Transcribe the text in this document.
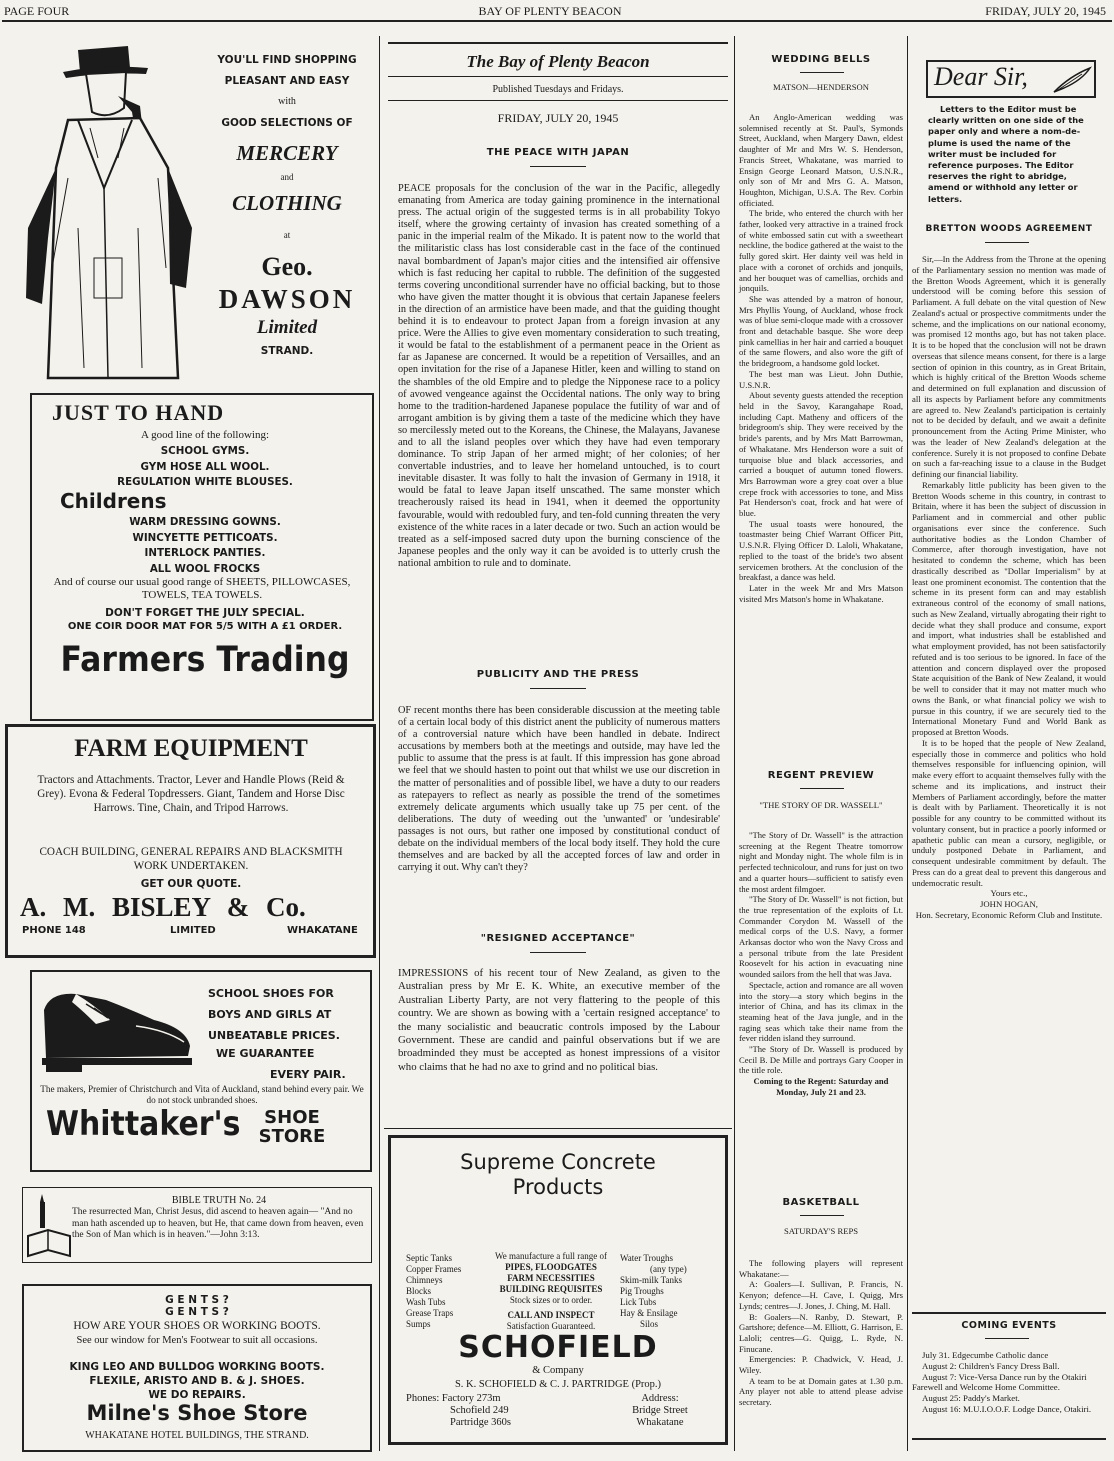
PAGE FOUR	BAY OF PLENTY BEACON	FRIDAY, JULY 20, 1945
YOU'LL FIND SHOPPING
PLEASANT AND EASY
with
GOOD SELECTIONS OF
MERCERY
and
CLOTHING
at
Geo.
DAWSON
Limited
STRAND.
JUST TO HAND
A good line of the following:
SCHOOL GYMS.
GYM HOSE ALL WOOL.
REGULATION WHITE BLOUSES.
Childrens
WARM DRESSING GOWNS.
WINCYETTE PETTICOATS.
INTERLOCK PANTIES.
ALL WOOL FROCKS
And of course our usual good range of SHEETS, PILLOWCASES, TOWELS, TEA TOWELS.
DON'T FORGET THE JULY SPECIAL.
ONE COIR DOOR MAT FOR 5/5 WITH A £1 ORDER.
Farmers Trading
FARM EQUIPMENT
Tractors and Attachments. Tractor, Lever and Handle Plows (Reid & Grey). Evona & Federal Topdressers. Giant, Tandem and Horse Disc Harrows. Tine, Chain, and Tripod Harrows.
COACH BUILDING, GENERAL REPAIRS AND BLACKSMITH WORK UNDERTAKEN.
GET OUR QUOTE.
A. M. BISLEY & Co.
PHONE 148	LIMITED	WHAKATANE
SCHOOL SHOES FOR
BOYS AND GIRLS AT
UNBEATABLE PRICES.
WE GUARANTEE
EVERY PAIR.
The makers, Premier of Christchurch and Vita of Auckland, stand behind every pair. We do not stock unbranded shoes.
Whittaker's	SHOE
STORE
BIBLE TRUTH No. 24
The resurrected Man, Christ Jesus, did ascend to heaven again— "And no man hath ascended up to heaven, but He, that came down from heaven, even the Son of Man which is in heaven."—John 3:13.
G E N T S ?
G E N T S ?
HOW ARE YOUR SHOES OR WORKING BOOTS.
See our window for Men's Footwear to suit all occasions.
KING LEO AND BULLDOG WORKING BOOTS.
FLEXILE, ARISTO AND B. & J. SHOES.
WE DO REPAIRS.
Milne's Shoe Store
WHAKATANE HOTEL BUILDINGS, THE STRAND.
The Bay of Plenty Beacon
Published Tuesdays and Fridays.
FRIDAY, JULY 20, 1945
THE PEACE WITH JAPAN
PEACE proposals for the conclusion of the war in the Pacific, allegedly emanating from America are today gaining prominence in the international press. The actual origin of the suggested terms is in all probability Tokyo itself, where the growing certainty of invasion has created something of a panic in the imperial realm of the Mikado. It is patent now to the world that the militaristic class has lost considerable cast in the face of the continued naval bombardment of Japan's major cities and the intensified air offensive which is fast reducing her capital to rubble. The definition of the suggested terms covering unconditional surrender have no official backing, but to those who have given the matter thought it is obvious that certain Japanese feelers in the direction of an armistice have been made, and that the guiding thought behind it is to endeavour to protect Japan from a foreign invasion at any price. Were the Allies to give even momentary consideration to such treating, it would be fatal to the establishment of a permanent peace in the Orient as far as Japanese are concerned. It would be a repetition of Versailles, and an open invitation for the rise of a Japanese Hitler, keen and willing to stand on the shambles of the old Empire and to pledge the Nipponese race to a policy of avowed vengeance against the Occidental nations. The only way to bring home to the tradition-hardened Japanese populace the futility of war and of arrogant ambition is by giving them a taste of the medicine which they have so mercilessly meted out to the Koreans, the Chinese, the Malayans, Javanese and to all the island peoples over which they have had even temporary dominance. To strip Japan of her armed might; of her colonies; of her convertable industries, and to leave her homeland untouched, is to court inevitable disaster. It was folly to halt the invasion of Germany in 1918, it would be fatal to leave Japan itself unscathed. The same monster which treacherously raised its head in 1941, when it deemed the opportunity favourable, would with redoubled fury, and ten-fold cunning threaten the very existence of the white races in a later decade or two. Such an action would be treated as a self-imposed sacred duty upon the burning conscience of the Japanese peoples and the only way it can be avoided is to utterly crush the national ambition to rule and to dominate.
PUBLICITY AND THE PRESS
OF recent months there has been considerable discussion at the meeting table of a certain local body of this district anent the publicity of numerous matters of a controversial nature which have been handled in debate. Indirect accusations by members both at the meetings and outside, may have led the public to assume that the press is at fault. If this impression has gone abroad we feel that we should hasten to point out that whilst we use our discretion in the matter of personalities and of possible libel, we have a duty to our readers as ratepayers to reflect as nearly as possible the trend of the sometimes extremely delicate arguments which usually take up 75 per cent. of the deliberations. The duty of weeding out the 'unwanted' or 'undesirable' passages is not ours, but rather one imposed by constitutional conduct of debate on the individual members of the local body itself. They hold the cure themselves and are backed by all the accepted forces of law and order in carrying it out. Why can't they?
"RESIGNED ACCEPTANCE"
IMPRESSIONS of his recent tour of New Zealand, as given to the Australian press by Mr E. K. White, an executive member of the Australian Liberty Party, are not very flattering to the people of this country. We are shown as bowing with a 'certain resigned acceptance' to the many socialistic and beaucratic controls imposed by the Labour Government. These are candid and painful observations but if we are broadminded they must be accepted as honest impressions of a visitor who claims that he had no axe to grind and no political bias.
Supreme Concrete
Products
Septic Tanks
Copper Frames
Chimneys
Blocks
Wash Tubs
Grease Traps
Sumps
We manufacture a full range of
PIPES, FLOODGATES
FARM NECESSITIES
BUILDING REQUISITES
Stock sizes or to order.
CALL AND INSPECT
Satisfaction Guaranteed.
Water Troughs
(any type)
Skim-milk Tanks
Pig Troughs
Lick Tubs
Hay & Ensilage
Silos
SCHOFIELD
& Company
S. K. SCHOFIELD & C. J. PARTRIDGE (Prop.)
Phones: Factory 273m
Schofield 249
Partridge 360s
Address:
Bridge Street
Whakatane
WEDDING BELLS
MATSON—HENDERSON

An Anglo-American wedding was solemnised recently at St. Paul's, Symonds Street, Auckland, when Margery Dawn, eldest daughter of Mr and Mrs W. S. Henderson, Francis Street, Whakatane, was married to Ensign George Leonard Matson, U.S.N.R., only son of Mr and Mrs G. A. Matson, Houghton, Michigan, U.S.A. The Rev. Corbin officiated.

The bride, who entered the church with her father, looked very attractive in a trained frock of white embossed satin cut with a sweetheart neckline, the bodice gathered at the waist to the fully gored skirt. Her dainty veil was held in place with a coronet of orchids and jonquils, and her bouquet was of camellias, orchids and jonquils.

She was attended by a matron of honour, Mrs Phyllis Young, of Auckland, whose frock was of blue semi-cloque made with a crossover front and detachable basque. She wore deep pink camellias in her hair and carried a bouquet of the same flowers, and also wore the gift of the bridegroom, a handsome gold locket.

The best man was Lieut. John Duthie, U.S.N.R.

About seventy guests attended the reception held in the Savoy, Karangahape Road, including Capt. Matheny and officers of the bridegroom's ship. They were received by the bride's parents, and by Mrs Matt Barrowman, of Whakatane. Mrs Henderson wore a suit of turquoise blue and black accessories, and carried a bouquet of autumn toned flowers. Mrs Barrowman wore a grey coat over a blue crepe frock with accessories to tone, and Miss Pat Henderson's coat, frock and hat were of blue.

The usual toasts were honoured, the toastmaster being Chief Warrant Officer Pitt, U.S.N.R. Flying Officer D. Laloli, Whakatane, replied to the toast of the bride's two absent servicemen brothers. At the conclusion of the breakfast, a dance was held.

Later in the week Mr and Mrs Matson visited Mrs Matson's home in Whakatane.

REGENT PREVIEW
"THE STORY OF DR. WASSELL"

"The Story of Dr. Wassell" is the attraction screening at the Regent Theatre tomorrow night and Monday night. The whole film is in perfected technicolour, and runs for just on two and a quarter hours—sufficient to satisfy even the most ardent filmgoer.

"The Story of Dr. Wassell" is not fiction, but the true representation of the exploits of Lt. Commander Corydon M. Wassell of the medical corps of the U.S. Navy, a former Arkansas doctor who won the Navy Cross and a personal tribute from the late President Roosevelt for his action in evacuating nine wounded sailors from the hell that was Java.

Spectacle, action and romance are all woven into the story—a story which begins in the interior of China, and has its climax in the steaming heat of the Java jungle, and in the raging seas which take their name from the fever ridden island they surround.

"The Story of Dr. Wassell is produced by Cecil B. De Mille and portrays Gary Cooper in the title role.

Coming to the Regent: Saturday and Monday, July 21 and 23.

BASKETBALL
SATURDAY'S REPS

The following players will represent Whakatane:—

A: Goalers—I. Sullivan, P. Francis, N. Kenyon; defence—H. Cave, I. Quigg, Mrs Lynds; centres—J. Jones, J. Ching, M. Hall.

B: Goalers—N. Ranby, D. Stewart, P. Gartshore; defence—M. Elliott, G. Harrison, E. Laloli; centres—G. Quigg, L. Ryde, N. Finucane.

Emergencies: P. Chadwick, V. Head, J. Wiley.

A team to be at Domain gates at 1.30 p.m. Any player not able to attend please advise secretary.

Dear Sir,
Letters to the Editor must be clearly written on one side of the paper only and where a nom-de-plume is used the name of the writer must be included for reference purposes. The Editor reserves the right to abridge, amend or withhold any letter or letters.
BRETTON WOODS AGREEMENT

Sir,—In the Address from the Throne at the opening of the Parliamentary session no mention was made of the Bretton Woods Agreement, which it is generally understood will be coming before this session of Parliament. A full debate on the vital question of New Zealand's actual or prospective commitments under the scheme, and the implications on our national economy, was promised 12 months ago, but has not taken place. It is to be hoped that the conclusion will not be drawn overseas that silence means consent, for there is a large section of opinion in this country, as in Great Britain, which is highly critical of the Bretton Woods scheme and determined on full explanation and discussion of all its aspects by Parliament before any commitments are agreed to. New Zealand's participation is certainly not to be decided by default, and we await a definite pronouncement from the Acting Prime Minister, who was the leader of New Zealand's delegation at the conference. Surely it is not proposed to confine Debate on such a far-reaching issue to a clause in the Budget defining our financial liability.

Remarkably little publicity has been given to the Bretton Woods scheme in this country, in contrast to Britain, where it has been the subject of discussion in Parliament and in commercial and other public organisations ever since the conference. Such authoritative bodies as the London Chamber of Commerce, after thorough investigation, have not hesitated to condemn the scheme, which has been drastically described as "Dollar Imperialism" by at least one prominent economist. The contention that the scheme in its present form can and may establish extraneous control of the economy of small nations, such as New Zealand, virtually abrogating their right to decide what they shall produce and consume, export and import, what industries shall be established and what employment provided, has not been satisfactorily refuted and is too serious to be ignored. In face of the attention and concern displayed over the proposed State acquisition of the Bank of New Zealand, it would be well to consider that it may not matter much who owns the Bank, or what financial policy we wish to pursue in this country, if we are securely tied to the International Monetary Fund and World Bank as proposed at Bretton Woods.

It is to be hoped that the people of New Zealand, especially those in commerce and politics who hold themselves responsible for influencing opinion, will make every effort to acquaint themselves fully with the scheme and its implications, and instruct their Members of Parliament accordingly, before the matter is dealt with by Parliament. Theoretically it is not possible for any country to be committed without its voluntary consent, but in practice a poorly informed or apathetic public can mean a cursory, negligible, or unduly postponed Debate in Parliament, and consequent undesirable commitment by default. The Press can do a great deal to prevent this dangerous and undemocratic result.

Yours etc.,

JOHN HOGAN,

Hon. Secretary, Economic Reform Club and Institute.

COMING EVENTS

July 31. Edgecumbe Catholic dance

August 2: Children's Fancy Dress Ball.

August 7: Vice-Versa Dance run by the Otakiri Farewell and Welcome Home Committee.

August 25: Paddy's Market.

August 16: M.U.I.O.O.F. Lodge Dance, Otakiri.
